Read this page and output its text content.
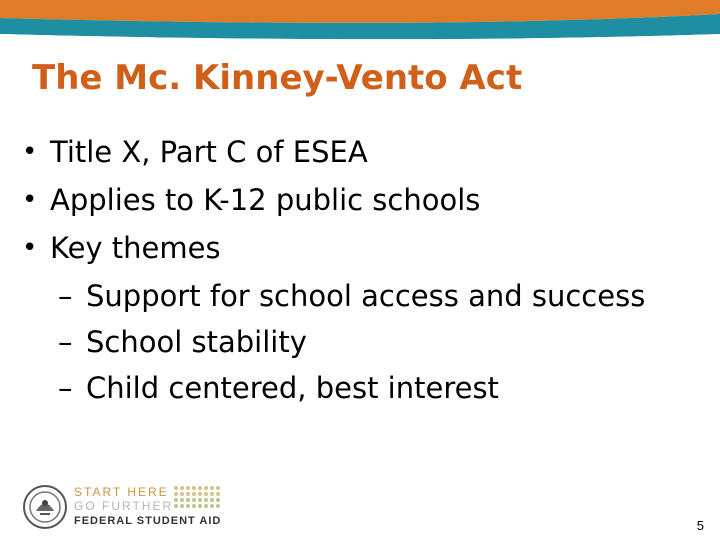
The Mc. Kinney-Vento Act
• Title X, Part C of ESEA
• Applies to K-12 public schools
• Key themes
– Support for school access and success
– School stability
– Child centered, best interest
START HERE
GO FURTHER
FEDERAL STUDENT AID	5
